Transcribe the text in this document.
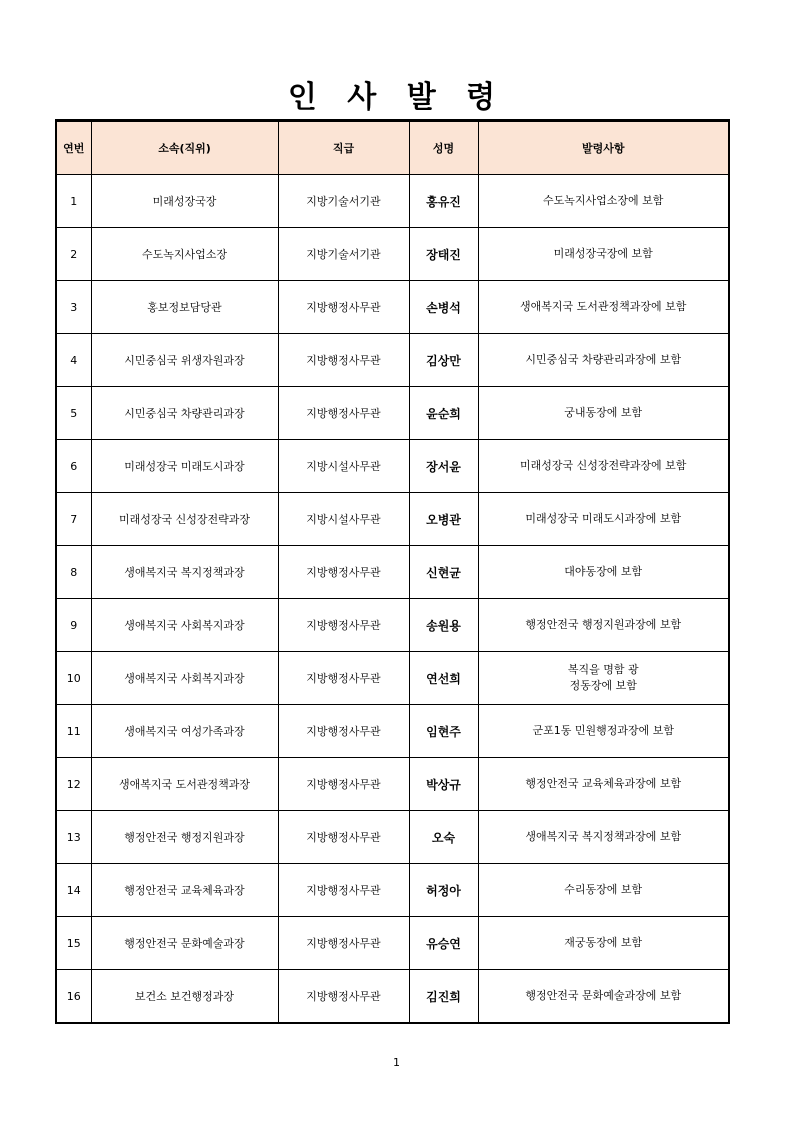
인 사 발 령
연번	소속(직위)	직급	성명	발령사항
1	미래성장국장	지방기술서기관	홍유진	수도녹지사업소장에 보함
2	수도녹지사업소장	지방기술서기관	장태진	미래성장국장에 보함
3	홍보정보담당관	지방행정사무관	손병석	생애복지국 도서관정책과장에 보함
4	시민중심국 위생자원과장	지방행정사무관	김상만	시민중심국 차량관리과장에 보함
5	시민중심국 차량관리과장	지방행정사무관	윤순희	궁내동장에 보함
6	미래성장국 미래도시과장	지방시설사무관	장서윤	미래성장국 신성장전략과장에 보함
7	미래성장국 신성장전략과장	지방시설사무관	오병관	미래성장국 미래도시과장에 보함
8	생애복지국 복지정책과장	지방행정사무관	신현균	대야동장에 보함
9	생애복지국 사회복지과장	지방행정사무관	송원용	행정안전국 행정지원과장에 보함
10	생애복지국 사회복지과장	지방행정사무관	연선희	복직을 명함 광
정동장에 보함

11	생애복지국 여성가족과장	지방행정사무관	임현주	군포1동 민원행정과장에 보함
12	생애복지국 도서관정책과장	지방행정사무관	박상규	행정안전국 교육체육과장에 보함
13	행정안전국 행정지원과장	지방행정사무관	오숙	생애복지국 복지정책과장에 보함
14	행정안전국 교육체육과장	지방행정사무관	허정아	수리동장에 보함
15	행정안전국 문화예술과장	지방행정사무관	유승연	재궁동장에 보함
16	보건소 보건행정과장	지방행정사무관	김진희	행정안전국 문화예술과장에 보함
1
